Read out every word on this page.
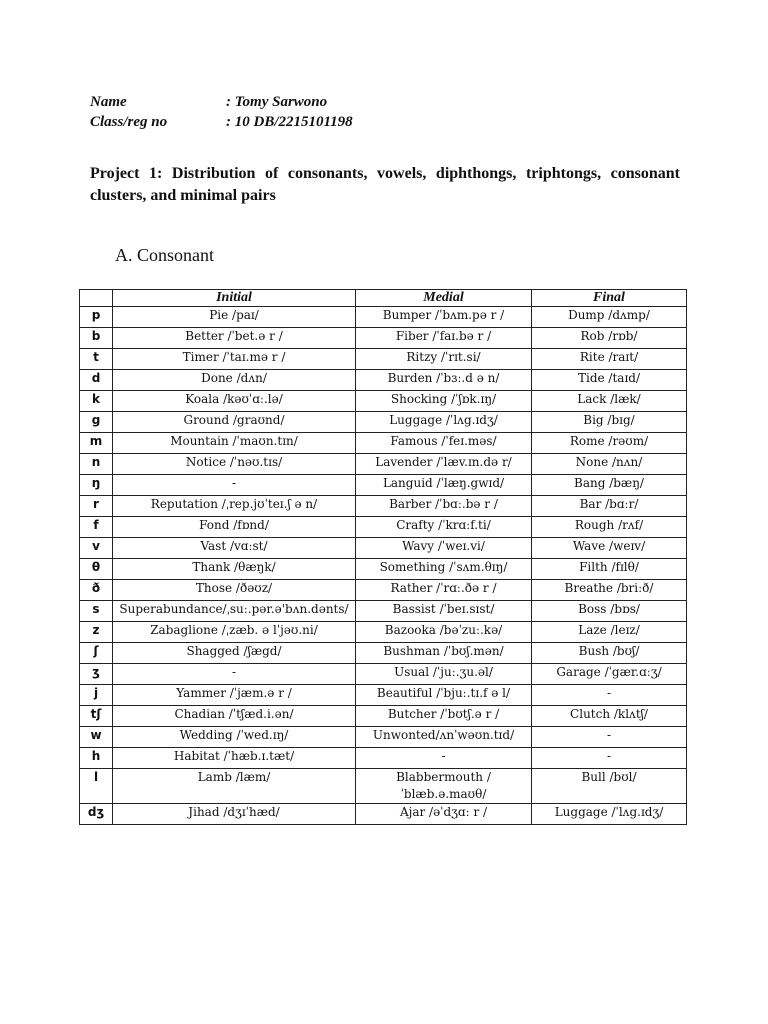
Name	: Tomy Sarwono
Class/reg no	: 10 DB/2215101198
Project 1: Distribution of consonants, vowels, diphthongs, triphtongs, consonant clusters, and minimal pairs
A. Consonant
	Initial	Medial	Final
p	Pie /paɪ/	Bumper /ˈbʌm.pə r /	Dump /dʌmp/
b	Better /ˈbet.ə r /	Fiber /ˈfaɪ.bə r /	Rob /rɒb/
t	Timer /ˈtaɪ.mə r /	Ritzy /ˈrɪt.si/	Rite /raɪt/
d	Done /dʌn/	Burden /ˈbɜː.d ə n/	Tide /taɪd/
k	Koala /kəʊˈɑː.lə/	Shocking /ˈʃɒk.ɪŋ/	Lack /læk/
g	Ground /graʊnd/	Luggage /ˈlʌg.ɪdʒ/	Big /bɪg/
m	Mountain /ˈmaʊn.tɪn/	Famous /ˈfeɪ.məs/	Rome /rəʊm/
n	Notice /ˈnəʊ.tɪs/	Lavender /ˈlæv.ɪn.də r/	None /nʌn/
ŋ	-	Languid /ˈlæŋ.gwɪd/	Bang /bæŋ/
r	Reputation /ˌrep.jʊˈteɪ.ʃ ə n/	Barber /ˈbɑː.bə r /	Bar /bɑːr/
f	Fond /fɒnd/	Crafty /ˈkrɑːf.ti/	Rough /rʌf/
v	Vast /vɑːst/	Wavy /ˈweɪ.vi/	Wave /weɪv/
θ	Thank /θæŋk/	Something /ˈsʌm.θɪŋ/	Filth /fɪlθ/
ð	Those /ðəʊz/	Rather /ˈrɑː.ðə r /	Breathe /briːð/
s	Superabundance/ˌsuː.pər.ə'bʌn.dənts/	Bassist /ˈbeɪ.sɪst/	Boss /bɒs/
z	Zabaglione /ˌzæb. ə lˈjəʊ.ni/	Bazooka /bəˈzuː.kə/	Laze /leɪz/
ʃ	Shagged /ʃægd/	Bushman /ˈbʊʃ.mən/	Bush /bʊʃ/
ʒ	-	Usual /ˈjuː.ʒu.əl/	Garage /ˈgær.ɑːʒ/
j	Yammer /ˈjæm.ə r /	Beautiful /ˈbjuː.tɪ.f ə l/	-
tʃ	Chadian /ˈtʃæd.i.ən/	Butcher /ˈbʊtʃ.ə r /	Clutch /klʌtʃ/
w	Wedding /ˈwed.ɪŋ/	Unwonted/ʌnˈwəʊn.tɪd/	-
h	Habitat /ˈhæb.ɪ.tæt/	-	-
l	Lamb /læm/	Blabbermouth /ˈblæb.ə.maʊθ/	Bull /bʊl/
dʒ	Jihad /dʒɪˈhæd/	Ajar /əˈdʒɑː r /	Luggage /ˈlʌg.ɪdʒ/
